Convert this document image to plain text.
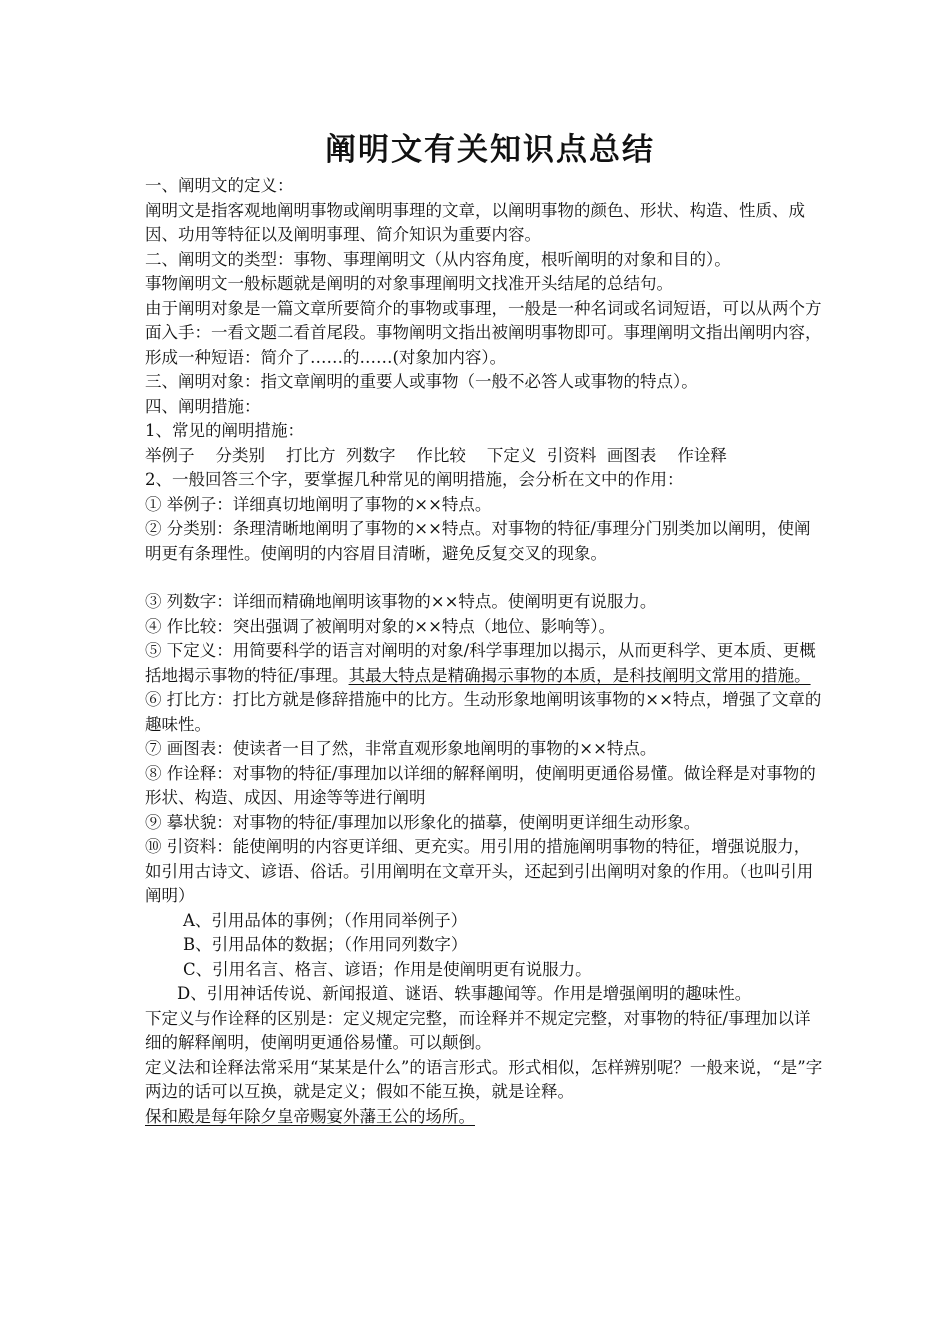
阐明文有关知识点总结

一、阐明文的定义：

阐明文是指客观地阐明事物或阐明事理的文章，以阐明事物的颜色、形状、构造、性质、成因、功用等特征以及阐明事理、简介知识为重要内容。

二、阐明文的类型：事物、事理阐明文（从内容角度，根听阐明的对象和目的）。

事物阐明文一般标题就是阐明的对象事理阐明文找准开头结尾的总结句。

由于阐明对象是一篇文章所要简介的事物或事理，一般是一种名词或名词短语，可以从两个方面入手：一看文题二看首尾段。事物阐明文指出被阐明事物即可。事理阐明文指出阐明内容，形成一种短语：简介了……的……(对象加内容）。

三、阐明对象：指文章阐明的重要人或事物（一般不必答人或事物的特点）。

四、阐明措施：

1、常见的阐明措施：

举例子    分类别    打比方  列数字    作比较    下定义  引资料  画图表    作诠释

2、一般回答三个字，要掌握几种常见的阐明措施，会分析在文中的作用：

① 举例子：详细真切地阐明了事物的××特点。

② 分类别：条理清晰地阐明了事物的××特点。对事物的特征/事理分门别类加以阐明，使阐明更有条理性。使阐明的内容眉目清晰，避免反复交叉的现象。

③ 列数字：详细而精确地阐明该事物的××特点。使阐明更有说服力。

④ 作比较：突出强调了被阐明对象的××特点（地位、影响等）。

⑤ 下定义：用简要科学的语言对阐明的对象/科学事理加以揭示，从而更科学、更本质、更概括地揭示事物的特征/事理。其最大特点是精确揭示事物的本质，是科技阐明文常用的措施。

⑥ 打比方：打比方就是修辞措施中的比方。生动形象地阐明该事物的××特点，增强了文章的趣味性。

⑦ 画图表：使读者一目了然，非常直观形象地阐明的事物的××特点。

⑧ 作诠释：对事物的特征/事理加以详细的解释阐明，使阐明更通俗易懂。做诠释是对事物的形状、构造、成因、用途等等进行阐明

⑨ 摹状貌：对事物的特征/事理加以形象化的描摹，使阐明更详细生动形象。

⑩ 引资料：能使阐明的内容更详细、更充实。用引用的措施阐明事物的特征，增强说服力，如引用古诗文、谚语、俗话。引用阐明在文章开头，还起到引出阐明对象的作用。（也叫引用阐明）

A、引用品体的事例；（作用同举例子）

B、引用品体的数据；（作用同列数字）

C、引用名言、格言、谚语；作用是使阐明更有说服力。

D、引用神话传说、新闻报道、谜语、轶事趣闻等。作用是增强阐明的趣味性。

下定义与作诠释的区别是：定义规定完整，而诠释并不规定完整，对事物的特征/事理加以详细的解释阐明，使阐明更通俗易懂。可以颠倒。

定义法和诠释法常采用“某某是什么”的语言形式。形式相似，怎样辨别呢？一般来说，“是”字两边的话可以互换，就是定义；假如不能互换，就是诠释。

保和殿是每年除夕皇帝赐宴外藩王公的场所。
